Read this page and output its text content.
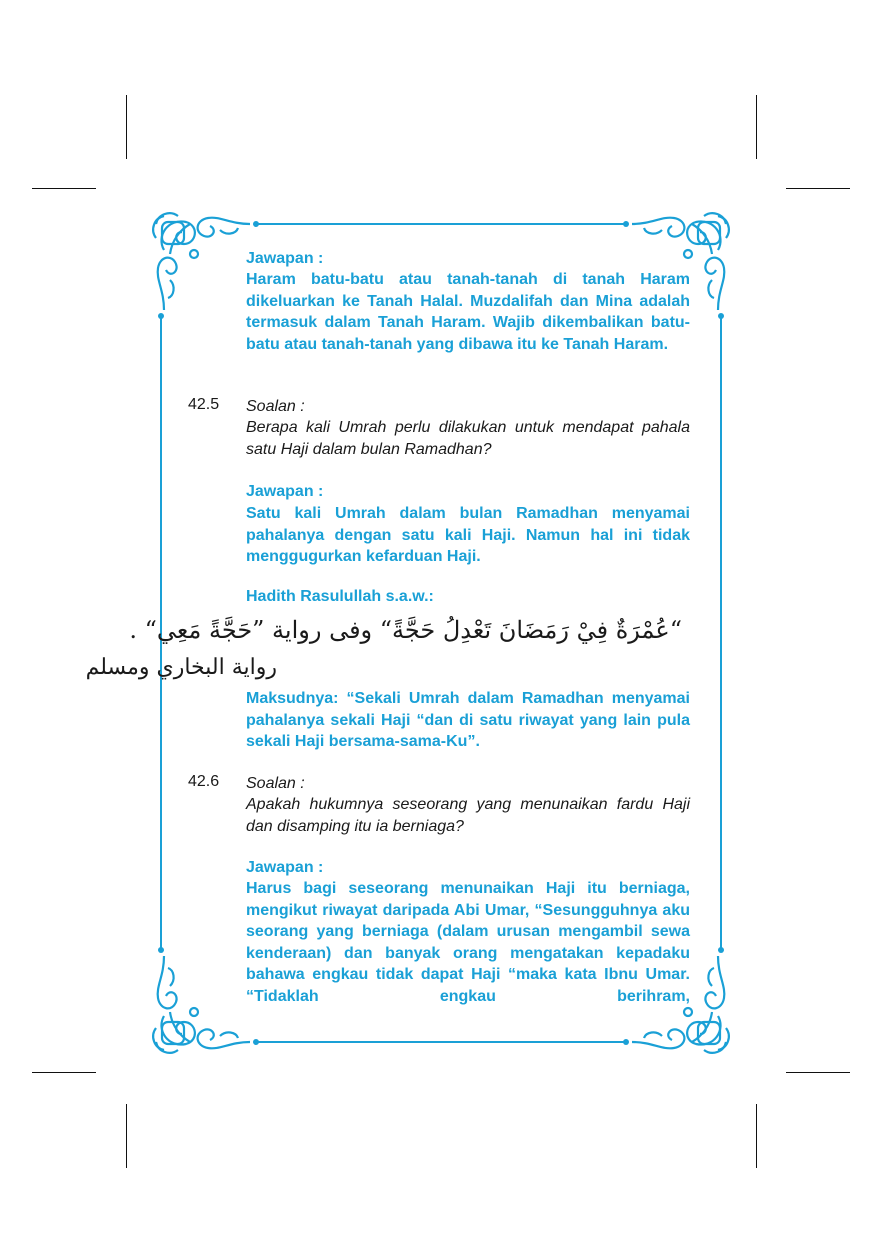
Jawapan :
Haram batu-batu atau tanah-tanah di tanah Haram dikeluarkan ke Tanah Halal. Muzdalifah dan Mina adalah termasuk dalam Tanah Haram. Wajib dikembalikan batu-batu atau tanah-tanah yang dibawa itu ke Tanah Haram.
42.5 Soalan :
Berapa kali Umrah perlu dilakukan untuk mendapat pahala satu Haji dalam bulan Ramadhan?
Jawapan :
Satu kali Umrah dalam bulan Ramadhan menyamai pahalanya dengan satu kali Haji. Namun hal ini tidak menggugurkan kefarduan Haji.
Hadith Rasulullah s.a.w.:
“عُمْرَةٌ فِيْ رَمَضَانَ تَعْدِلُ حَجَّةً“ وفى رواية ”حَجَّةً مَعِي“ .
رواية البخاري ومسلم
Maksudnya: “Sekali Umrah dalam Ramadhan menyamai pahalanya sekali Haji “dan di satu riwayat yang lain pula sekali Haji bersama-sama-Ku”.
42.6 Soalan :
Apakah hukumnya seseorang yang menunaikan fardu Haji dan disamping itu ia berniaga?
Jawapan :
Harus bagi seseorang menunaikan Haji itu berniaga, mengikut riwayat daripada Abi Umar, “Sesungguhnya aku seorang yang berniaga (dalam urusan mengambil sewa kenderaan) dan banyak orang mengatakan kepadaku bahawa engkau tidak dapat Haji “maka kata Ibnu Umar. “Tidaklah engkau berihram,
